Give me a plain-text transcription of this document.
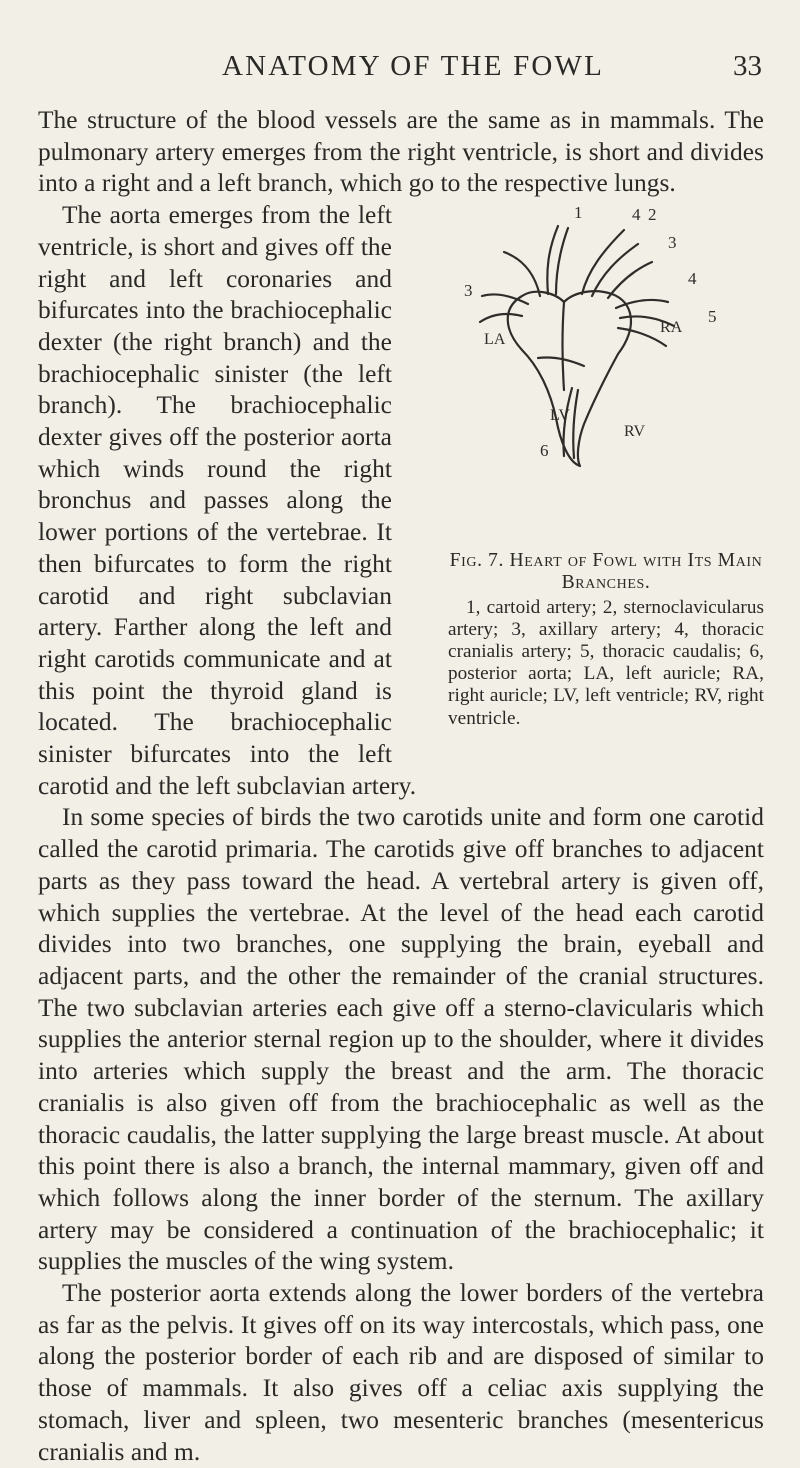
ANATOMY OF THE FOWL	33

The structure of the blood vessels are the same as in mammals. The pulmonary artery emerges from the right ventricle, is short and divides into a right and a left branch, which go to the respective lungs.

1	4 2
3
4
5
3
6
LA
RA
LV
RV
Fig. 7. Heart of Fowl with Its Main Branches.
1, cartoid artery; 2, sternoclavicularus artery; 3, axillary artery; 4, thoracic cranialis artery; 5, thoracic caudalis; 6, posterior aorta; LA, left auricle; RA, right auricle; LV, left ventricle; RV, right ventricle.

The aorta emerges from the left ventricle, is short and gives off the right and left coronaries and bifurcates into the brachiocephalic dexter (the right branch) and the brachiocephalic sinister (the left branch). The brachiocephalic dexter gives off the posterior aorta which winds round the right bronchus and passes along the lower portions of the vertebrae. It then bifurcates to form the right carotid and right subclavian artery. Farther along the left and right carotids communicate and at this point the thyroid gland is located. The brachiocephalic sinister bifurcates into the left carotid and the left subclavian artery.

In some species of birds the two carotids unite and form one carotid called the carotid primaria. The carotids give off branches to adjacent parts as they pass toward the head. A vertebral artery is given off, which supplies the vertebrae. At the level of the head each carotid divides into two branches, one supplying the brain, eyeball and adjacent parts, and the other the remainder of the cranial structures. The two subclavian arteries each give off a sterno-clavicularis which supplies the anterior sternal region up to the shoulder, where it divides into arteries which supply the breast and the arm. The thoracic cranialis is also given off from the brachiocephalic as well as the thoracic caudalis, the latter supplying the large breast muscle. At about this point there is also a branch, the internal mammary, given off and which follows along the inner border of the sternum. The axillary artery may be considered a continuation of the brachiocephalic; it supplies the muscles of the wing system.

The posterior aorta extends along the lower borders of the vertebra as far as the pelvis. It gives off on its way intercostals, which pass, one along the posterior border of each rib and are disposed of similar to those of mammals. It also gives off a celiac axis supplying the stomach, liver and spleen, two mesenteric branches (mesentericus cranialis and m.
